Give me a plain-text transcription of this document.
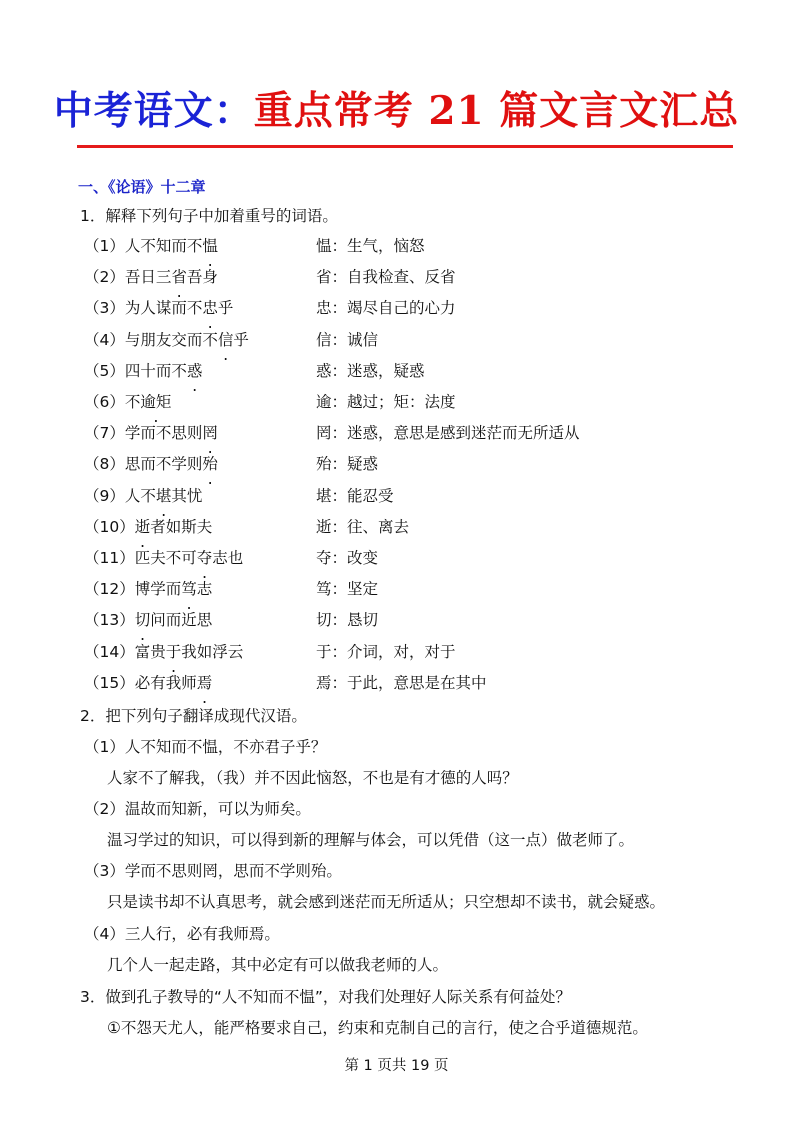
中考语文：重点常考 21 篇文言文汇总
一、《论语》十二章
1．解释下列句子中加着重号的词语。
（1）人不知而不愠	愠：生气，恼怒
（2）吾日三省吾身	省：自我检查、反省
（3）为人谋而不忠乎	忠：竭尽自己的心力
（4）与朋友交而不信乎	信：诚信
（5）四十而不惑	惑：迷惑，疑惑
（6）不逾矩	逾：越过；矩：法度
（7）学而不思则罔	罔：迷惑，意思是感到迷茫而无所适从
（8）思而不学则殆	殆：疑惑
（9）人不堪其忧	堪：能忍受
（10）逝者如斯夫	逝：往、离去
（11）匹夫不可夺志也	夺：改变
（12）博学而笃志	笃：坚定
（13）切问而近思	切：恳切
（14）富贵于我如浮云	于：介词，对，对于
（15）必有我师焉	焉：于此，意思是在其中
2．把下列句子翻译成现代汉语。
（1）人不知而不愠，不亦君子乎？
人家不了解我，（我）并不因此恼怒，不也是有才德的人吗？
（2）温故而知新，可以为师矣。
温习学过的知识，可以得到新的理解与体会，可以凭借（这一点）做老师了。
（3）学而不思则罔，思而不学则殆。
只是读书却不认真思考，就会感到迷茫而无所适从；只空想却不读书，就会疑惑。
（4）三人行，必有我师焉。
几个人一起走路，其中必定有可以做我老师的人。
3．做到孔子教导的“人不知而不愠”，对我们处理好人际关系有何益处？
①不怨天尤人，能严格要求自己，约束和克制自己的言行，使之合乎道德规范。
第 1 页共 19 页
